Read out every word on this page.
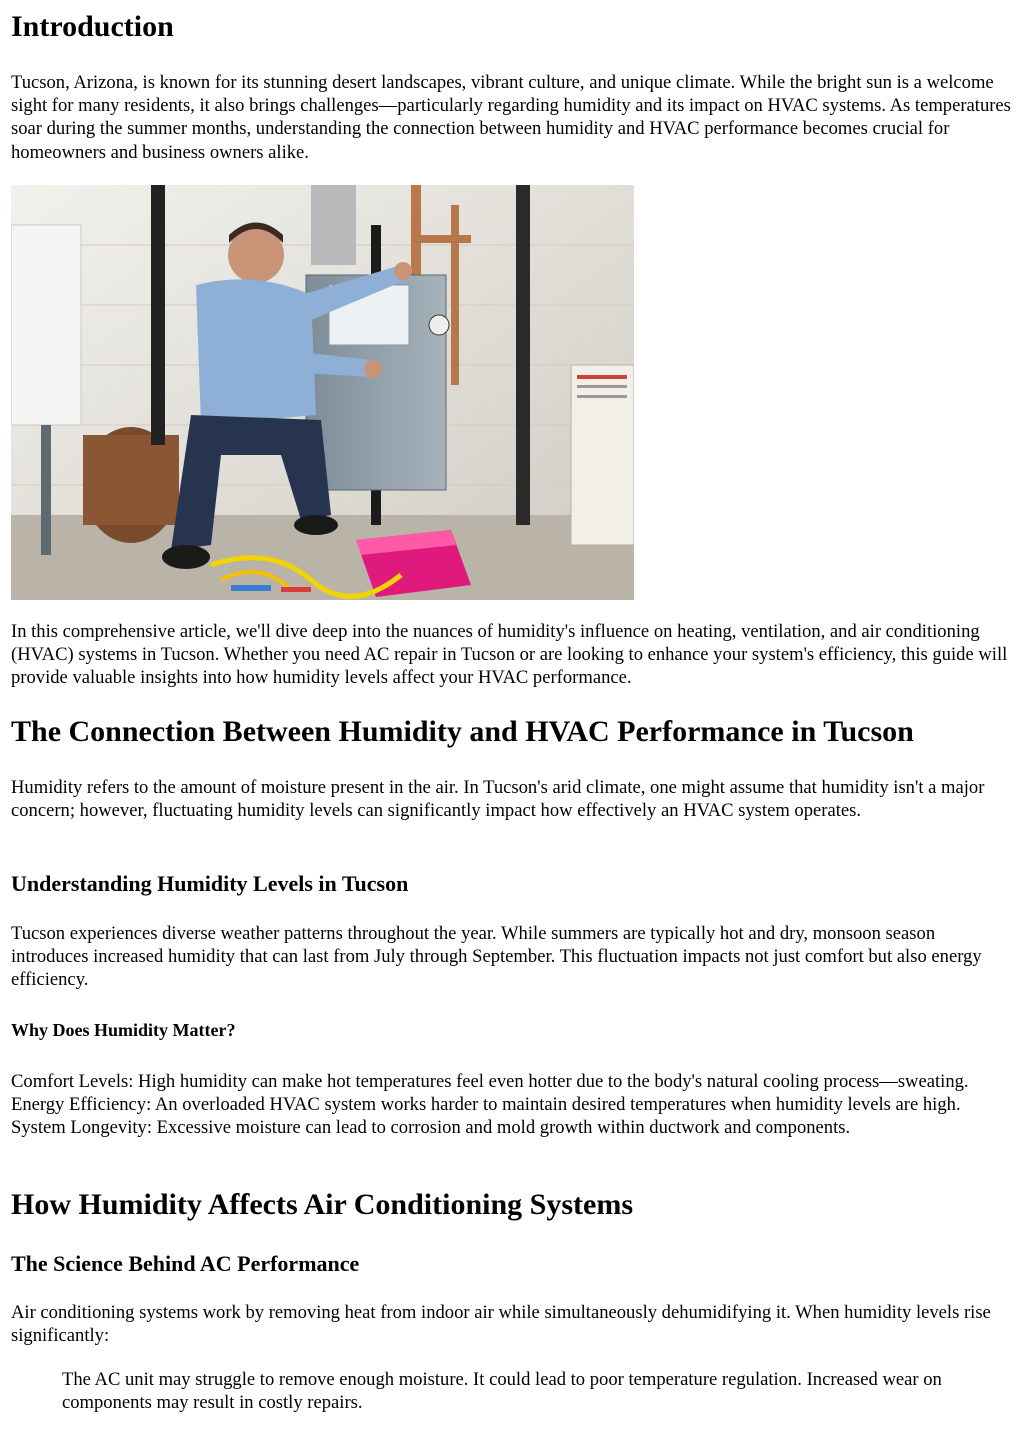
Introduction

Tucson, Arizona, is known for its stunning desert landscapes, vibrant culture, and unique climate. While the bright sun is a welcome sight for many residents, it also brings challenges—particularly regarding humidity and its impact on HVAC systems. As temperatures soar during the summer months, understanding the connection between humidity and HVAC performance becomes crucial for homeowners and business owners alike.

In this comprehensive article, we'll dive deep into the nuances of humidity's influence on heating, ventilation, and air conditioning (HVAC) systems in Tucson. Whether you need AC repair in Tucson or are looking to enhance your system's efficiency, this guide will provide valuable insights into how humidity levels affect your HVAC performance.

The Connection Between Humidity and HVAC Performance in Tucson

Humidity refers to the amount of moisture present in the air. In Tucson's arid climate, one might assume that humidity isn't a major concern; however, fluctuating humidity levels can significantly impact how effectively an HVAC system operates.

Understanding Humidity Levels in Tucson

Tucson experiences diverse weather patterns throughout the year. While summers are typically hot and dry, monsoon season introduces increased humidity that can last from July through September. This fluctuation impacts not just comfort but also energy efficiency.

Why Does Humidity Matter?

Comfort Levels: High humidity can make hot temperatures feel even hotter due to the body's natural cooling process—sweating. Energy Efficiency: An overloaded HVAC system works harder to maintain desired temperatures when humidity levels are high. System Longevity: Excessive moisture can lead to corrosion and mold growth within ductwork and components.

How Humidity Affects Air Conditioning Systems
The Science Behind AC Performance

Air conditioning systems work by removing heat from indoor air while simultaneously dehumidifying it. When humidity levels rise significantly:

The AC unit may struggle to remove enough moisture. It could lead to poor temperature regulation. Increased wear on components may result in costly repairs.
